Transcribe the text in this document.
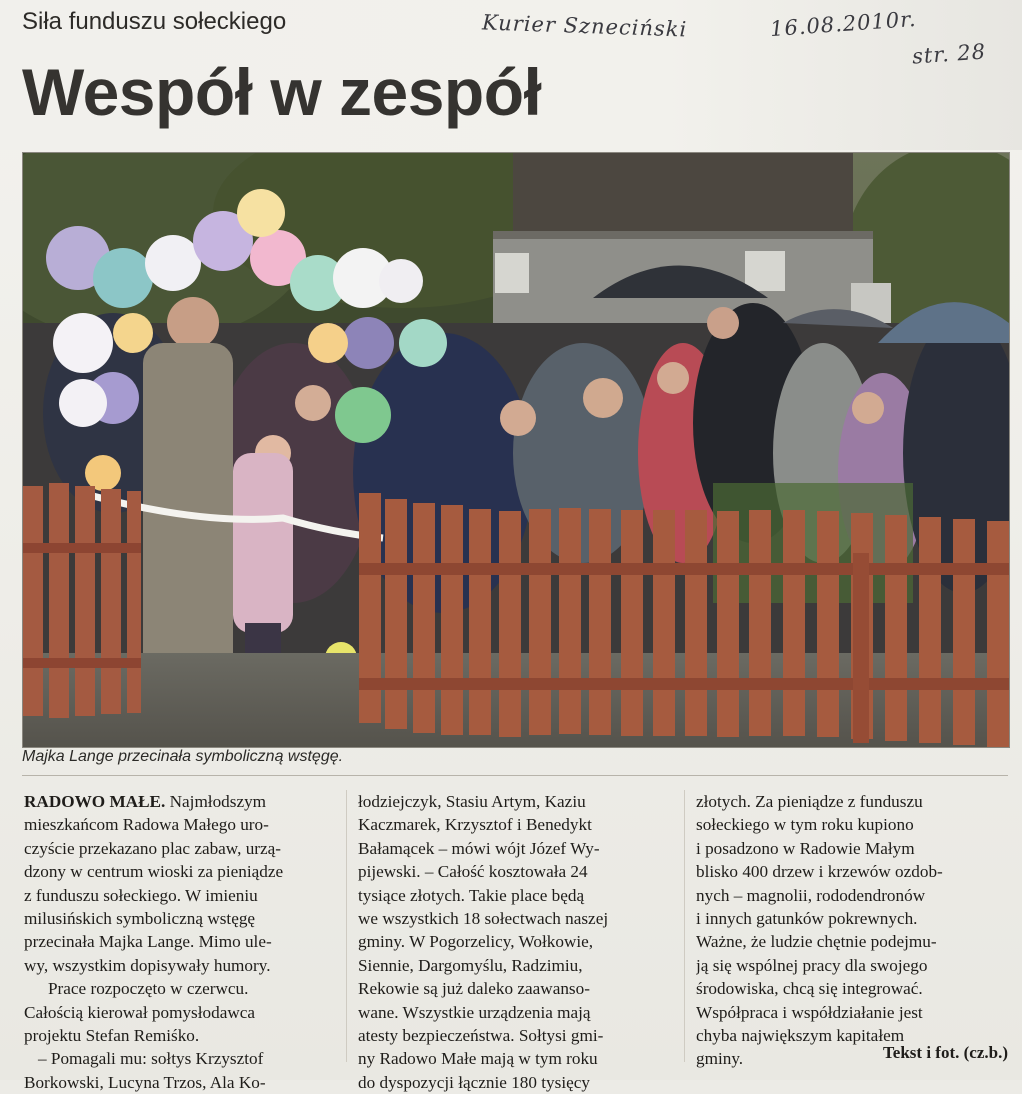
Siła funduszu sołeckiego	Kurier Szneciński	16.08.2010r.
str. 28
Wespół w zespół
Majka Lange przecinała symboliczną wstęgę.
RADOWO MAŁE. Najmłodszym
mieszkańcom Radowa Małego uro-
czyście przekazano plac zabaw, urzą-
dzony w centrum wioski za pieniądze
z funduszu sołeckiego. W imieniu
milusińskich symboliczną wstęgę
przecinała Majka Lange. Mimo ule-
wy, wszystkim dopisywały humory.
Prace rozpoczęto w czerwcu.
Całością kierował pomysłodawca
projektu Stefan Remiśko.
– Pomagali mu: sołtys Krzysztof
Borkowski, Lucyna Trzos, Ala Ko-
łodziejczyk, Stasiu Artym, Kaziu
Kaczmarek, Krzysztof i Benedykt
Bałamącek – mówi wójt Józef Wy-
pijewski. – Całość kosztowała 24
tysiące złotych. Takie place będą
we wszystkich 18 sołectwach naszej
gminy. W Pogorzelicy, Wołkowie,
Siennie, Dargomyślu, Radzimiu,
Rekowie są już daleko zaawanso-
wane. Wszystkie urządzenia mają
atesty bezpieczeństwa. Sołtysi gmi-
ny Radowo Małe mają w tym roku
do dyspozycji łącznie 180 tysięcy
złotych. Za pieniądze z funduszu
sołeckiego w tym roku kupiono
i posadzono w Radowie Małym
blisko 400 drzew i krzewów ozdob-
nych – magnolii, rododendronów
i innych gatunków pokrewnych.
Ważne, że ludzie chętnie podejmu-
ją się wspólnej pracy dla swojego
środowiska, chcą się integrować.
Współpraca i współdziałanie jest
chyba największym kapitałem
gminy.	Tekst i fot. (cz.b.)
